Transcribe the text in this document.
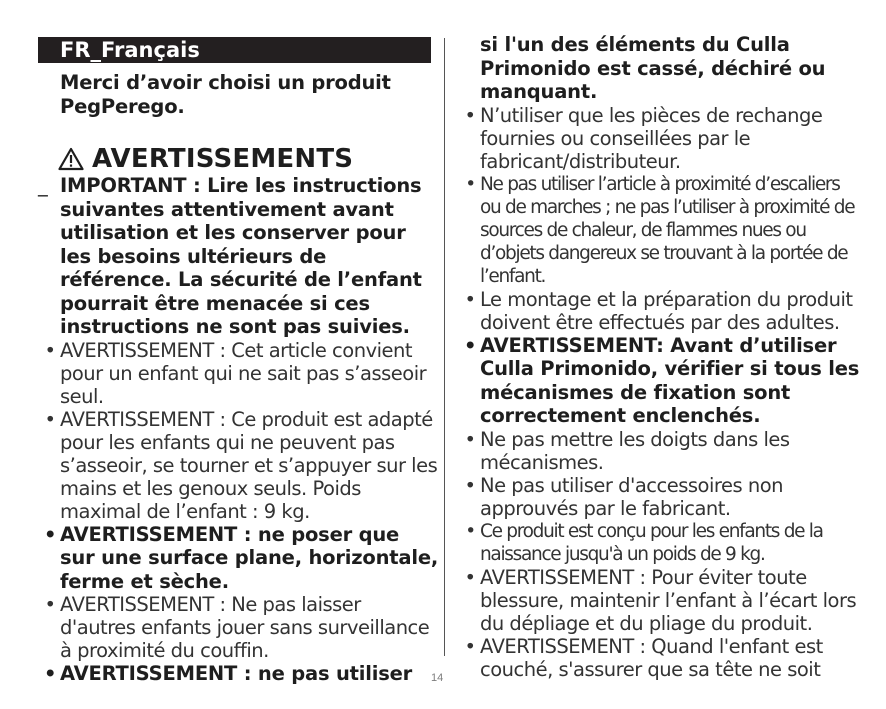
FR_Français

Merci d’avoir choisi un produit PegPerego.

AVERTISSEMENTS

_ IMPORTANT : Lire les instructions suivantes attentivement avant utilisation et les conserver pour les besoins ultérieurs de référence. La sécurité de l’enfant pourrait être menacée si ces instructions ne sont pas suivies.

• AVERTISSEMENT : Cet article convient pour un enfant qui ne sait pas s’asseoir seul.

• AVERTISSEMENT : Ce produit est adapté pour les enfants qui ne peuvent pas s’asseoir, se tourner et s’appuyer sur les mains et les genoux seuls. Poids maximal de l’enfant : 9 kg.

• AVERTISSEMENT : ne poser que sur une surface plane, horizontale, ferme et sèche.

• AVERTISSEMENT : Ne pas laisser d'autres enfants jouer sans surveillance à proximité du couffin.

• AVERTISSEMENT : ne pas utiliser

si l'un des éléments du Culla Primonido est cassé, déchiré ou manquant.

• N’utiliser que les pièces de rechange fournies ou conseillées par le fabricant/distributeur.

• Ne pas utiliser l’article à proximité d’escaliers ou de marches ; ne pas l’utiliser à proximité de sources de chaleur, de flammes nues ou d’objets dangereux se trouvant à la portée de l’enfant.

• Le montage et la préparation du produit doivent être effectués par des adultes.

• AVERTISSEMENT: Avant d’utiliser Culla Primonido, vérifier si tous les mécanismes de fixation sont correctement enclenchés.

• Ne pas mettre les doigts dans les mécanismes.

• Ne pas utiliser d'accessoires non approuvés par le fabricant.

• Ce produit est conçu pour les enfants de la naissance jusqu'à un poids de 9 kg.

• AVERTISSEMENT : Pour éviter toute blessure, maintenir l’enfant à l’écart lors du dépliage et du pliage du produit.

• AVERTISSEMENT : Quand l'enfant est couché, s'assurer que sa tête ne soit

14
